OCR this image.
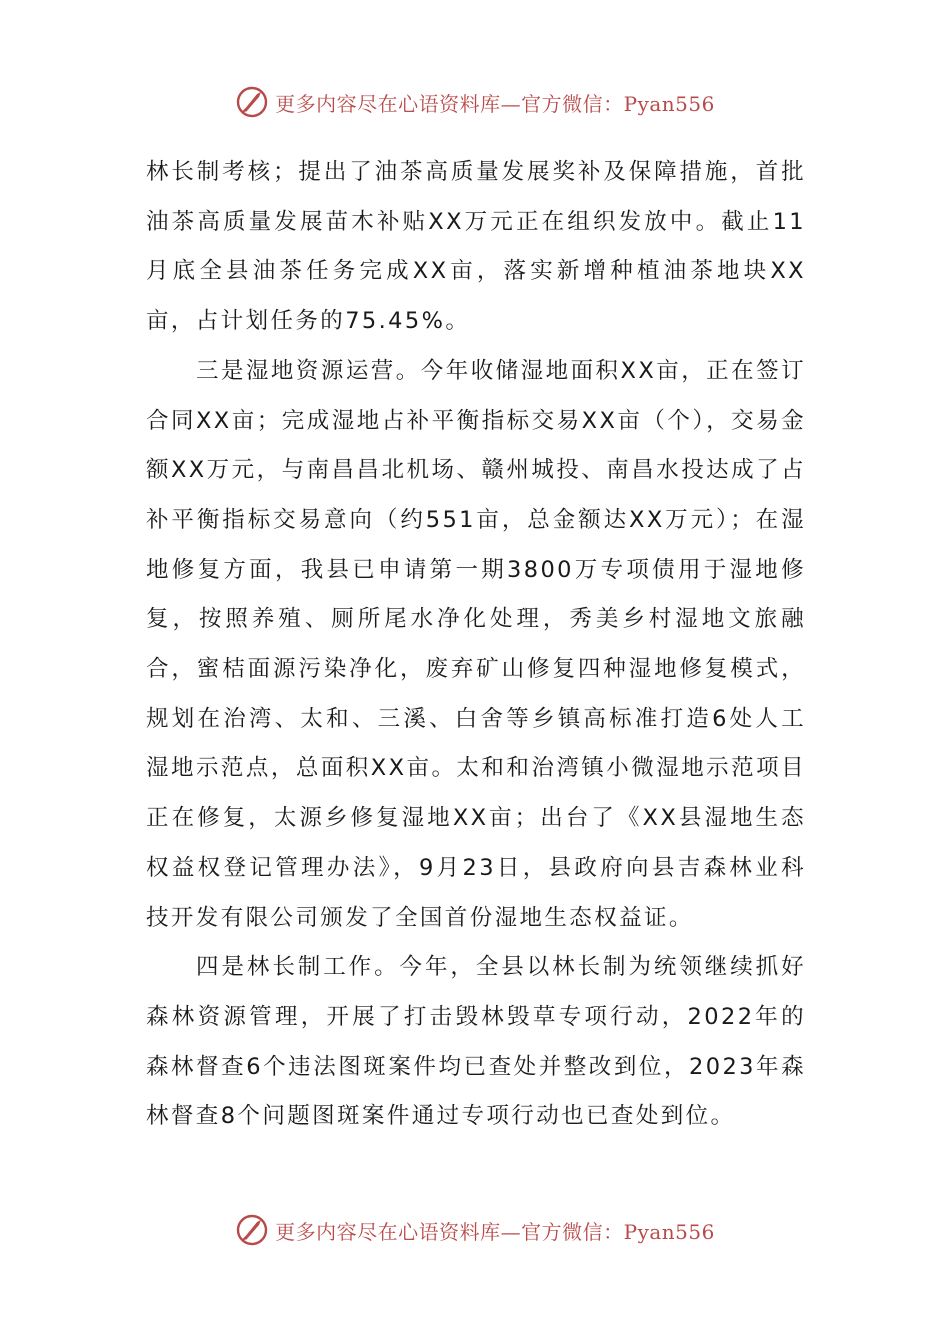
更多内容尽在心语资料库—官方微信：Pyan556

林长制考核；提出了油茶高质量发展奖补及保障措施，首批油茶高质量发展苗木补贴XX万元正在组织发放中。截止11月底全县油茶任务完成XX亩，落实新增种植油茶地块XX亩，占计划任务的75.45%。

三是湿地资源运营。今年收储湿地面积XX亩，正在签订合同XX亩；完成湿地占补平衡指标交易XX亩（个），交易金额XX万元，与南昌昌北机场、赣州城投、南昌水投达成了占补平衡指标交易意向（约551亩，总金额达XX万元）；在湿地修复方面，我县已申请第一期3800万专项债用于湿地修复，按照养殖、厕所尾水净化处理，秀美乡村湿地文旅融合，蜜桔面源污染净化，废弃矿山修复四种湿地修复模式，规划在治湾、太和、三溪、白舍等乡镇高标准打造6处人工湿地示范点，总面积XX亩。太和和治湾镇小微湿地示范项目正在修复，太源乡修复湿地XX亩；出台了《XX县湿地生态权益权登记管理办法》，9月23日，县政府向县吉森林业科技开发有限公司颁发了全国首份湿地生态权益证。

四是林长制工作。今年，全县以林长制为统领继续抓好森林资源管理，开展了打击毁林毁草专项行动，2022年的森林督查6个违法图斑案件均已查处并整改到位，2023年森林督查8个问题图斑案件通过专项行动也已查处到位。

更多内容尽在心语资料库—官方微信：Pyan556
